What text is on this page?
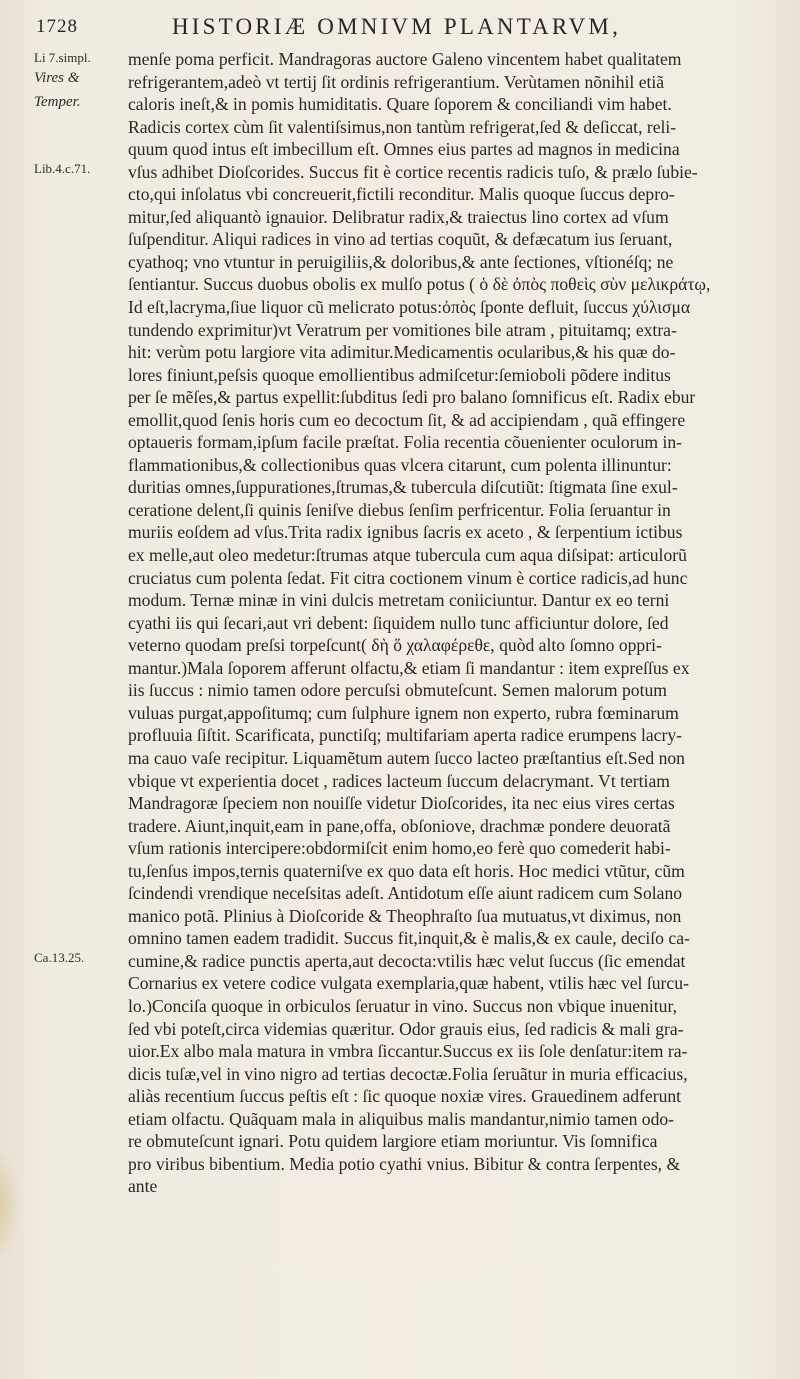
1728	HISTORIÆ OMNIVM PLANTARVM,
Li 7.simpl.
Vires &
Temper.
Lib.4.c.71.
Ca.13.25.
menſe poma perficit. Mandragoras auctore Galeno vincentem habet qualitatem
refrigerantem,adeò vt tertij ſit ordinis refrigerantium. Verùtamen nõnihil etiã
caloris ineſt,& in pomis humiditatis. Quare ſoporem & conciliandi vim habet.
Radicis cortex cùm ſit valentiſsimus,non tantùm refrigerat,ſed & deſiccat, reli-
quum quod intus eſt imbecillum eſt. Omnes eius partes ad magnos in medicina
vſus adhibet Dioſcorides. Succus fit è cortice recentis radicis tuſo, & prælo ſubie-
cto,qui inſolatus vbi concreuerit,fictili reconditur. Malis quoque ſuccus depro-
mitur,ſed aliquantò ignauior. Delibratur radix,& traiectus lino cortex ad vſum
ſuſpenditur. Aliqui radices in vino ad tertias coquũt, & defæcatum ius ſeruant,
cyathoq; vno vtuntur in peruigiliis,& doloribus,& ante ſectiones, vſtionéſq; ne
ſentiantur. Succus duobus obolis ex mulſo potus ( ὁ δὲ ὀπὸς ποθεὶς σὺν μελικράτῳ,
Id eſt,lacryma,ſiue liquor cũ melicrato potus:ὀπὸς ſponte defluit, ſuccus χύλισμα
tundendo exprimitur)vt Veratrum per vomitiones bile atram , pituitamq; extra-
hit: verùm potu largiore vita adimitur.Medicamentis ocularibus,& his quæ do-
lores finiunt,peſsis quoque emollientibus admiſcetur:ſemioboli põdere inditus
per ſe mẽſes,& partus expellit:ſubditus ſedi pro balano ſomnificus eſt. Radix ebur
emollit,quod ſenis horis cum eo decoctum ſit, & ad accipiendam , quã effingere
optaueris formam,ipſum facile præſtat. Folia recentia cõuenienter oculorum in-
flammationibus,& collectionibus quas vlcera citarunt, cum polenta illinuntur:
duritias omnes,ſuppurationes,ſtrumas,& tubercula diſcutiũt: ſtigmata ſine exul-
ceratione delent,ſi quinis ſeniſve diebus ſenſim perfricentur. Folia ſeruantur in
muriis eoſdem ad vſus.Trita radix ignibus ſacris ex aceto , & ſerpentium ictibus
ex melle,aut oleo medetur:ſtrumas atque tubercula cum aqua diſsipat: articulorũ
cruciatus cum polenta ſedat. Fit citra coctionem vinum è cortice radicis,ad hunc
modum. Ternæ minæ in vini dulcis metretam coniiciuntur. Dantur ex eo terni
cyathi iis qui ſecari,aut vri debent: ſiquidem nullo tunc afficiuntur dolore, ſed
veterno quodam preſsi torpeſcunt( δὴ ὅ χαλαφέρεθε, quòd alto ſomno oppri-
mantur.)Mala ſoporem afferunt olfactu,& etiam ſi mandantur : item expreſſus ex
iis ſuccus : nimio tamen odore percuſsi obmuteſcunt. Semen malorum potum
vuluas purgat,appoſitumq; cum ſulphure ignem non experto, rubra fœminarum
profluuia ſiſtit. Scarificata, punctiſq; multifariam aperta radice erumpens lacry-
ma cauo vaſe recipitur. Liquamẽtum autem ſucco lacteo præſtantius eſt.Sed non
vbique vt experientia docet , radices lacteum ſuccum delacrymant. Vt tertiam
Mandragoræ ſpeciem non nouiſſe videtur Dioſcorides, ita nec eius vires certas
tradere. Aiunt,inquit,eam in pane,offa, obſoniove, drachmæ pondere deuoratã
vſum rationis intercipere:obdormiſcit enim homo,eo ferè quo comederit habi-
tu,ſenſus impos,ternis quaterniſve ex quo data eſt horis. Hoc medici vtũtur, cũm
ſcindendi vrendique neceſsitas adeſt. Antidotum eſſe aiunt radicem cum Solano
manico potã. Plinius à Dioſcoride & Theophraſto ſua mutuatus,vt diximus, non
omnino tamen eadem tradidit. Succus fit,inquit,& è malis,& ex caule, deciſo ca-
cumine,& radice punctis aperta,aut decocta:vtilis hæc velut ſuccus (ſic emendat
Cornarius ex vetere codice vulgata exemplaria,quæ habent, vtilis hæc vel ſurcu-
lo.)Conciſa quoque in orbiculos ſeruatur in vino. Succus non vbique inuenitur,
ſed vbi poteſt,circa videmias quæritur. Odor grauis eius, ſed radicis & mali gra-
uior.Ex albo mala matura in vmbra ſiccantur.Succus ex iis ſole denſatur:item ra-
dicis tuſæ,vel in vino nigro ad tertias decoctæ.Folia ſeruãtur in muria efficacius,
aliàs recentium ſuccus peſtis eſt : ſic quoque noxiæ vires. Grauedinem adferunt
etiam olfactu. Quãquam mala in aliquibus malis mandantur,nimio tamen odo-
re obmuteſcunt ignari. Potu quidem largiore etiam moriuntur. Vis ſomnifica
pro viribus bibentium. Media potio cyathi vnius. Bibitur & contra ſerpentes, &
ante
